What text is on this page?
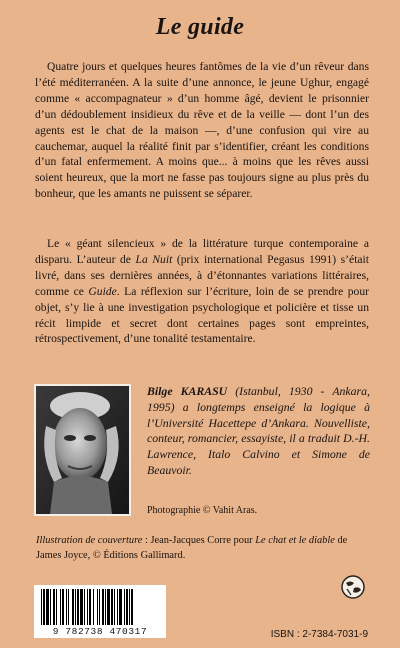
Le guide
Quatre jours et quelques heures fantômes de la vie d’un rêveur dans l’été méditerranéen. A la suite d’une annonce, le jeune Ughur, engagé comme « accompagnateur » d’un homme âgé, devient le prisonnier d’un dédoublement insidieux du rêve et de la veille — dont l’un des agents est le chat de la maison —, d’une confusion qui vire au cauchemar, auquel la réalité finit par s’identifier, créant les conditions d’un fatal enfermement. A moins que... à moins que les rêves aussi soient heureux, que la mort ne fasse pas toujours signe au plus près du bonheur, que les amants ne puissent se séparer.
Le « géant silencieux » de la littérature turque contemporaine a disparu. L’auteur de La Nuit (prix international Pegasus 1991) s’était livré, dans ses dernières années, à d’étonnantes variations littéraires, comme ce Guide. La réflexion sur l’écriture, loin de se prendre pour objet, s’y lie à une investigation psychologique et policière et tisse un récit limpide et secret dont certaines pages sont empreintes, rétrospectivement, d’une tonalité testamentaire.
Bilge KARASU (Istanbul, 1930 - Ankara, 1995) a longtemps enseigné la logique à l’Université Hacettepe d’Ankara. Nouvelliste, conteur, romancier, essayiste, il a traduit D.-H. Lawrence, Italo Calvino et Simone de Beauvoir.
Photographie © Vahit Aras.
Illustration de couverture : Jean-Jacques Corre pour Le chat et le diable de James Joyce, © Éditions Gallimard.
9 782738 470317	ISBN : 2-7384-7031-9
